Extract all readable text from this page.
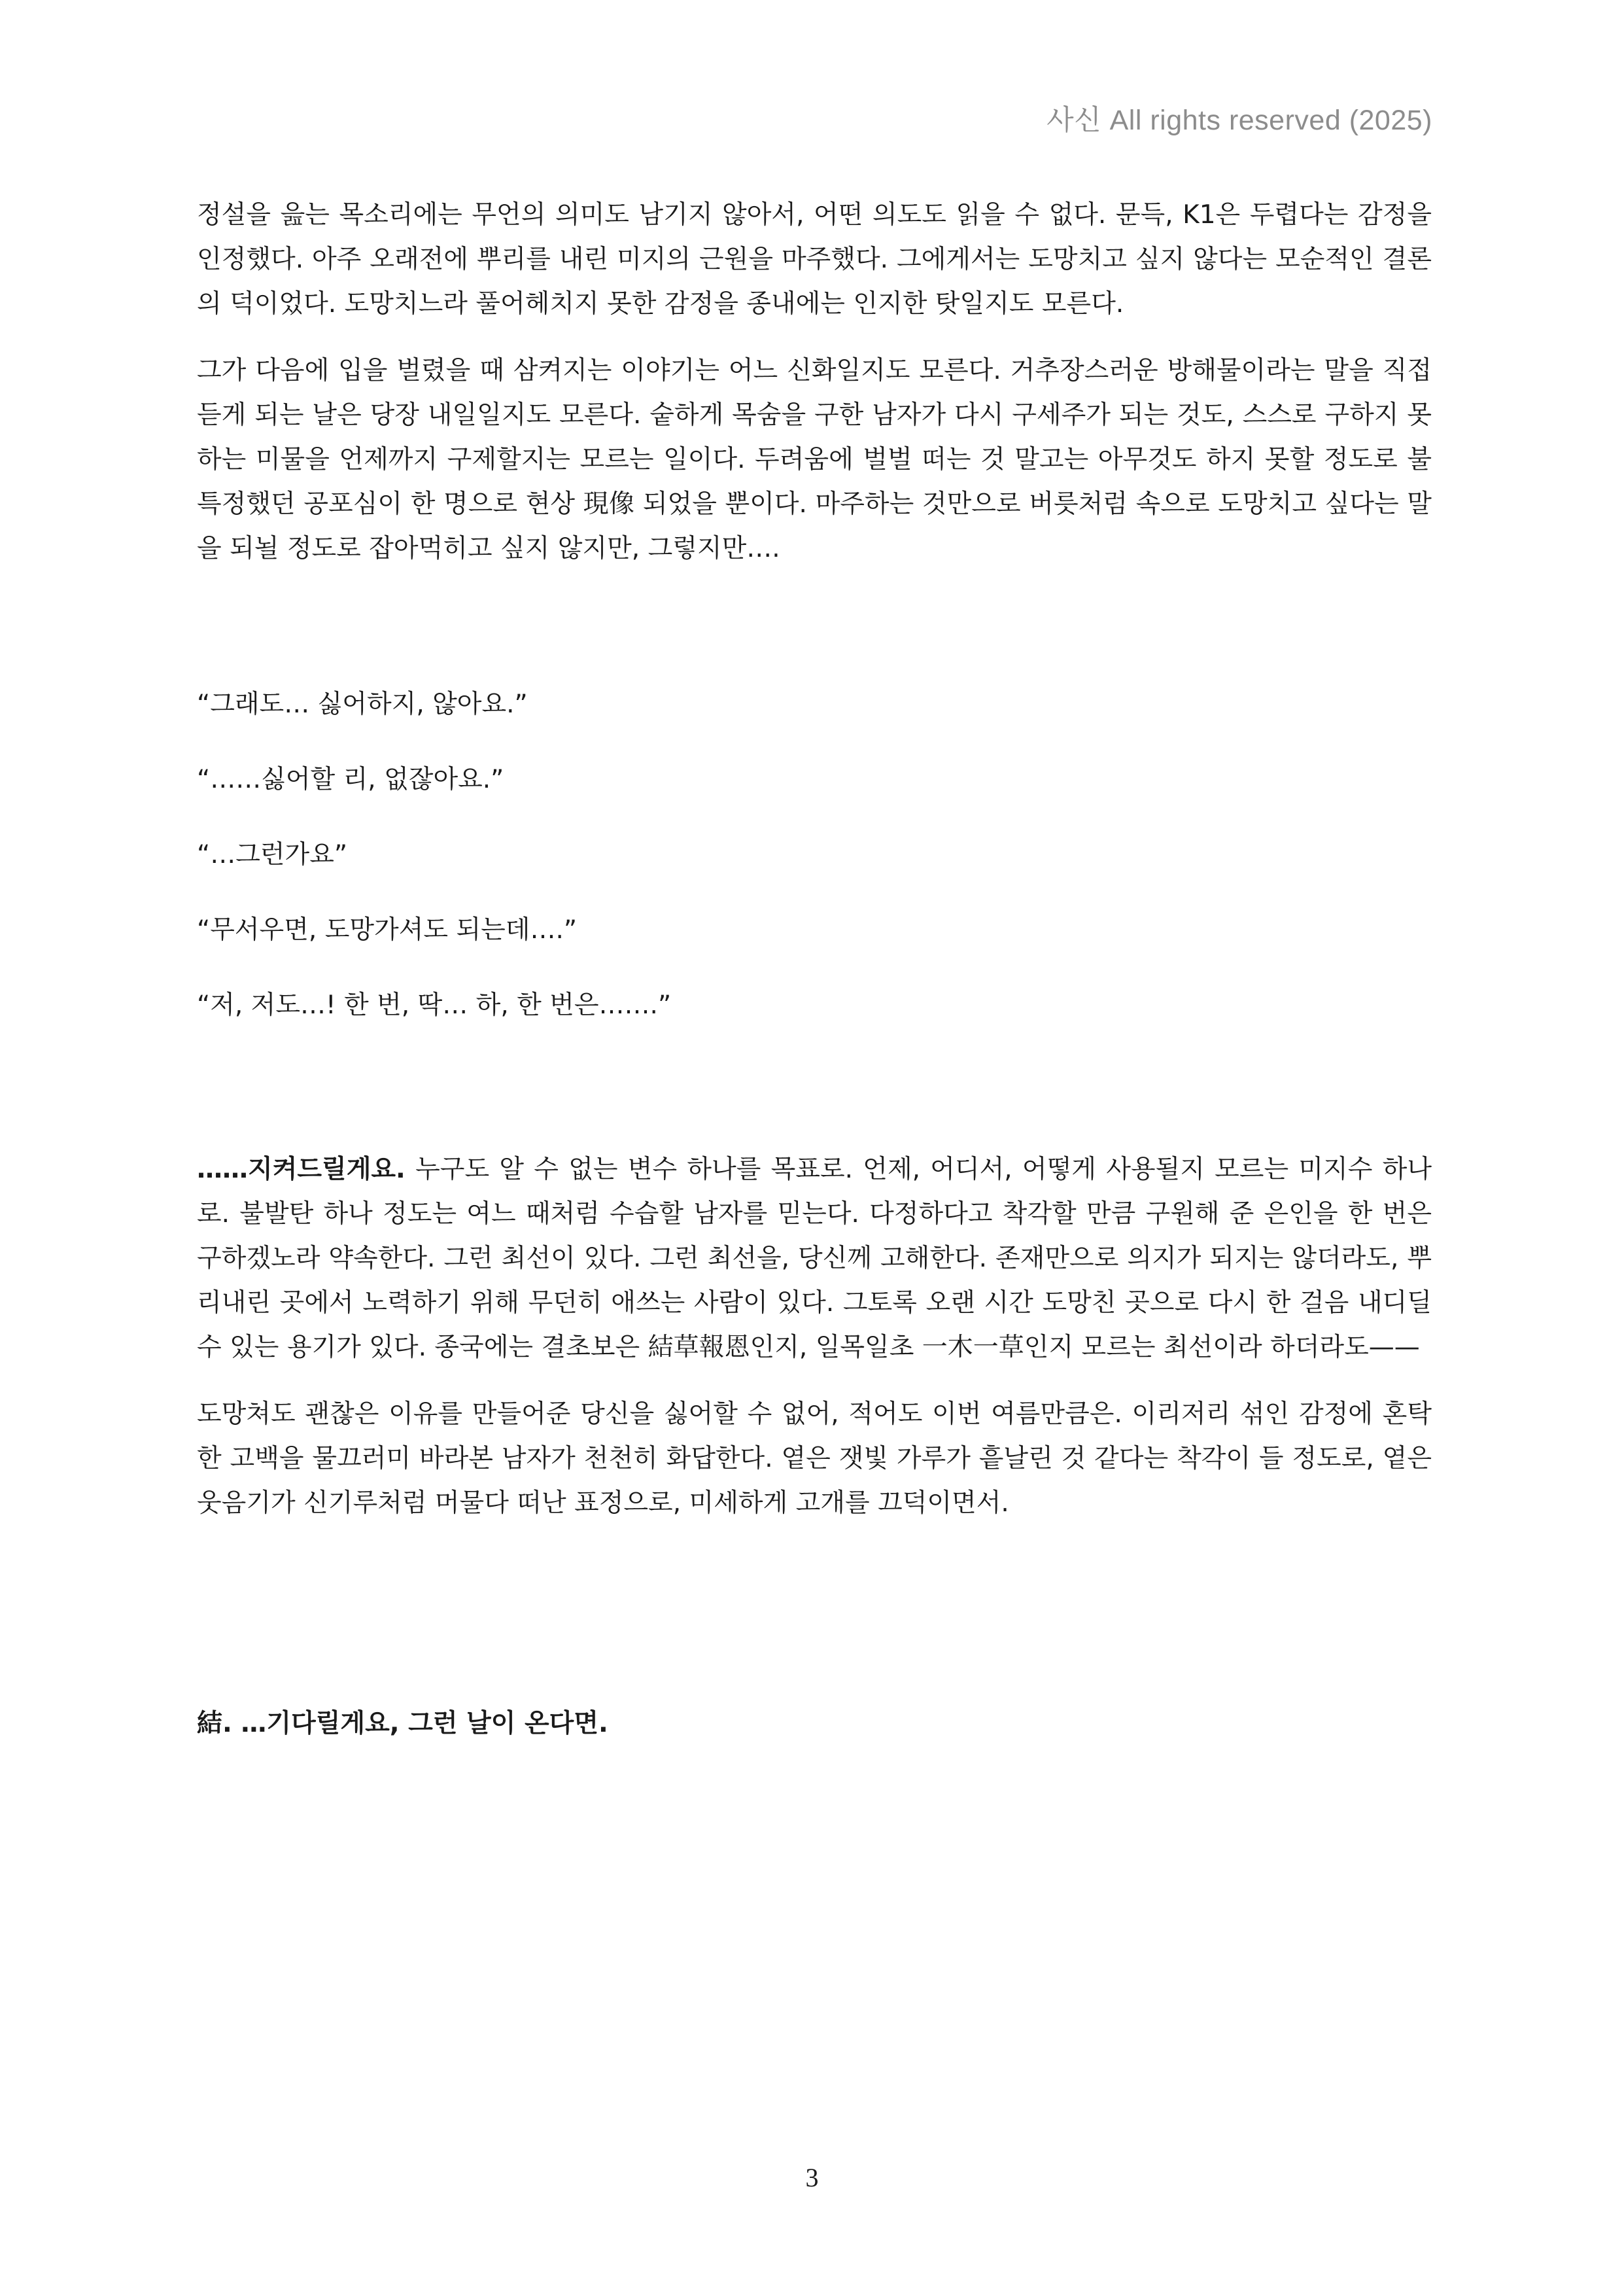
사신 All rights reserved (2025)

정설을 읊는 목소리에는 무언의 의미도 남기지 않아서, 어떤 의도도 읽을 수 없다. 문득, K1은 두렵다는 감정을 인정했다. 아주 오래전에 뿌리를 내린 미지의 근원을 마주했다. 그에게서는 도망치고 싶지 않다는 모순적인 결론의 덕이었다. 도망치느라 풀어헤치지 못한 감정을 종내에는 인지한 탓일지도 모른다.

그가 다음에 입을 벌렸을 때 삼켜지는 이야기는 어느 신화일지도 모른다. 거추장스러운 방해물이라는 말을 직접 듣게 되는 날은 당장 내일일지도 모른다. 숱하게 목숨을 구한 남자가 다시 구세주가 되는 것도, 스스로 구하지 못하는 미물을 언제까지 구제할지는 모르는 일이다. 두려움에 벌벌 떠는 것 말고는 아무것도 하지 못할 정도로 불특정했던 공포심이 한 명으로 현상 現像 되었을 뿐이다. 마주하는 것만으로 버릇처럼 속으로 도망치고 싶다는 말을 되뇔 정도로 잡아먹히고 싶지 않지만, 그렇지만….

“그래도… 싫어하지, 않아요.”

“……싫어할 리, 없잖아요.”

“…그런가요”

“무서우면, 도망가셔도 되는데….”

“저, 저도…! 한 번, 딱… 하, 한 번은…….”

……지켜드릴게요. 누구도 알 수 없는 변수 하나를 목표로. 언제, 어디서, 어떻게 사용될지 모르는 미지수 하나로. 불발탄 하나 정도는 여느 때처럼 수습할 남자를 믿는다. 다정하다고 착각할 만큼 구원해 준 은인을 한 번은 구하겠노라 약속한다. 그런 최선이 있다. 그런 최선을, 당신께 고해한다. 존재만으로 의지가 되지는 않더라도, 뿌리내린 곳에서 노력하기 위해 무던히 애쓰는 사람이 있다. 그토록 오랜 시간 도망친 곳으로 다시 한 걸음 내디딜 수 있는 용기가 있다. 종국에는 결초보은 結草報恩인지, 일목일초 一木一草인지 모르는 최선이라 하더라도——

도망쳐도 괜찮은 이유를 만들어준 당신을 싫어할 수 없어, 적어도 이번 여름만큼은. 이리저리 섞인 감정에 혼탁한 고백을 물끄러미 바라본 남자가 천천히 화답한다. 옅은 잿빛 가루가 흩날린 것 같다는 착각이 들 정도로, 옅은 웃음기가 신기루처럼 머물다 떠난 표정으로, 미세하게 고개를 끄덕이면서.

結. …기다릴게요, 그런 날이 온다면.

3
